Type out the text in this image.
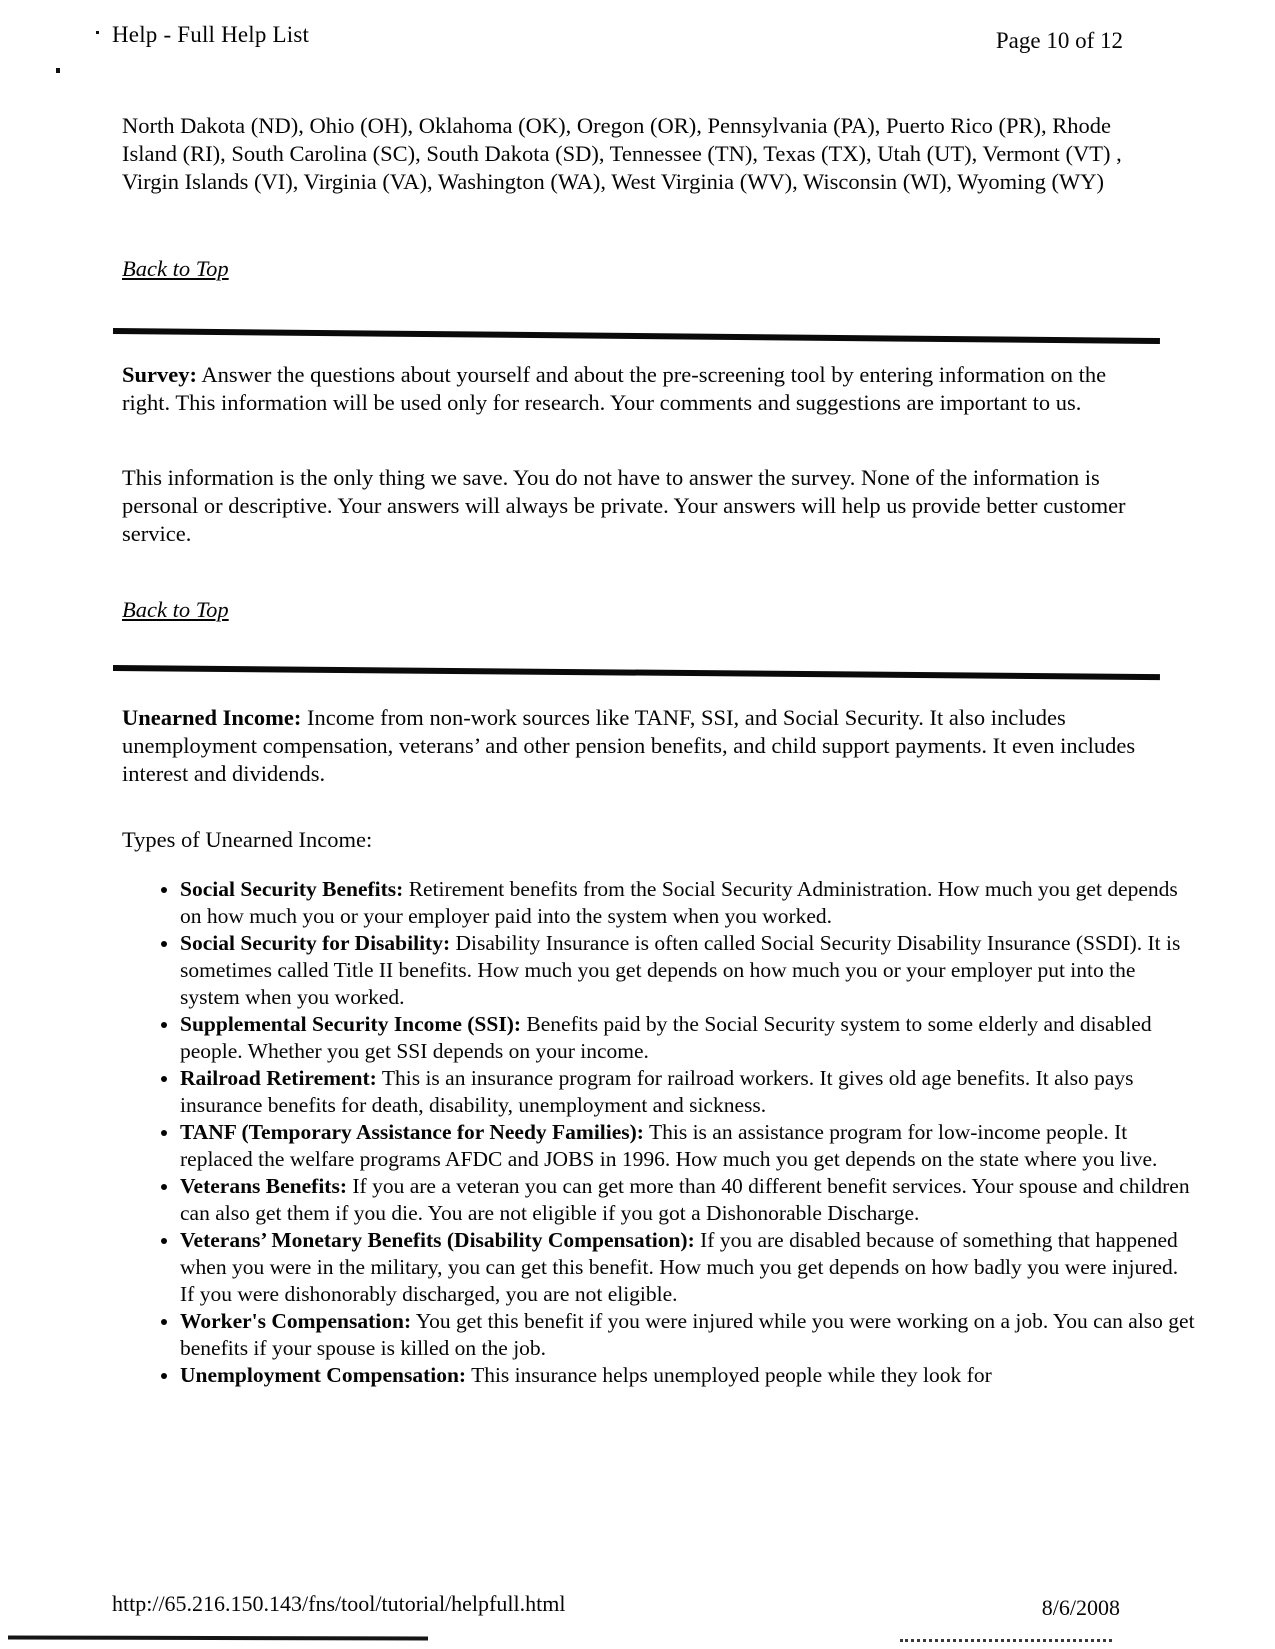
Help - Full Help List	Page 10 of 12

North Dakota (ND), Ohio (OH), Oklahoma (OK), Oregon (OR), Pennsylvania (PA), Puerto Rico (PR), Rhode Island (RI), South Carolina (SC), South Dakota (SD), Tennessee (TN), Texas (TX), Utah (UT), Vermont (VT) , Virgin Islands (VI), Virginia (VA), Washington (WA), West Virginia (WV), Wisconsin (WI), Wyoming (WY)

Back to Top

Survey: Answer the questions about yourself and about the pre-screening tool by entering information on the right. This information will be used only for research. Your comments and suggestions are important to us.

This information is the only thing we save. You do not have to answer the survey. None of the information is personal or descriptive. Your answers will always be private. Your answers will help us provide better customer service.

Back to Top

Unearned Income: Income from non-work sources like TANF, SSI, and Social Security. It also includes unemployment compensation, veterans’ and other pension benefits, and child support payments. It even includes interest and dividends.

Types of Unearned Income:

• Social Security Benefits: Retirement benefits from the Social Security Administration. How much you get depends on how much you or your employer paid into the system when you worked.
• Social Security for Disability: Disability Insurance is often called Social Security Disability Insurance (SSDI). It is sometimes called Title II benefits. How much you get depends on how much you or your employer put into the system when you worked.
• Supplemental Security Income (SSI): Benefits paid by the Social Security system to some elderly and disabled people. Whether you get SSI depends on your income.
• Railroad Retirement: This is an insurance program for railroad workers. It gives old age benefits. It also pays insurance benefits for death, disability, unemployment and sickness.
• TANF (Temporary Assistance for Needy Families): This is an assistance program for low-income people. It replaced the welfare programs AFDC and JOBS in 1996. How much you get depends on the state where you live.
• Veterans Benefits: If you are a veteran you can get more than 40 different benefit services. Your spouse and children can also get them if you die. You are not eligible if you got a Dishonorable Discharge.
• Veterans’ Monetary Benefits (Disability Compensation): If you are disabled because of something that happened when you were in the military, you can get this benefit. How much you get depends on how badly you were injured. If you were dishonorably discharged, you are not eligible.
• Worker's Compensation: You get this benefit if you were injured while you were working on a job. You can also get benefits if your spouse is killed on the job.
• Unemployment Compensation: This insurance helps unemployed people while they look for
http://65.216.150.143/fns/tool/tutorial/helpfull.html	8/6/2008
